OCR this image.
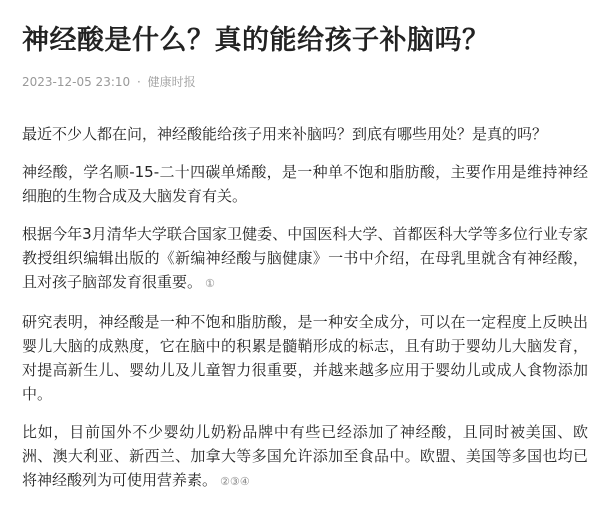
神经酸是什么？真的能给孩子补脑吗？
2023-12-05 23:10 · 健康时报

最近不少人都在问，神经酸能给孩子用来补脑吗？到底有哪些用处？是真的吗？

神经酸，学名顺-15-二十四碳单烯酸，是一种单不饱和脂肪酸，主要作用是维持神经细胞的生物合成及大脑发育有关。

根据今年3月清华大学联合国家卫健委、中国医科大学、首都医科大学等多位行业专家教授组织编辑出版的《新编神经酸与脑健康》一书中介绍，在母乳里就含有神经酸，且对孩子脑部发育很重要。 ①

研究表明，神经酸是一种不饱和脂肪酸，是一种安全成分，可以在一定程度上反映出婴儿大脑的成熟度，它在脑中的积累是髓鞘形成的标志，且有助于婴幼儿大脑发育，对提高新生儿、婴幼儿及儿童智力很重要，并越来越多应用于婴幼儿或成人食物添加中。

比如，目前国外不少婴幼儿奶粉品牌中有些已经添加了神经酸，且同时被美国、欧洲、澳大利亚、新西兰、加拿大等多国允许添加至食品中。欧盟、美国等多国也均已将神经酸列为可使用营养素。 ②③④
